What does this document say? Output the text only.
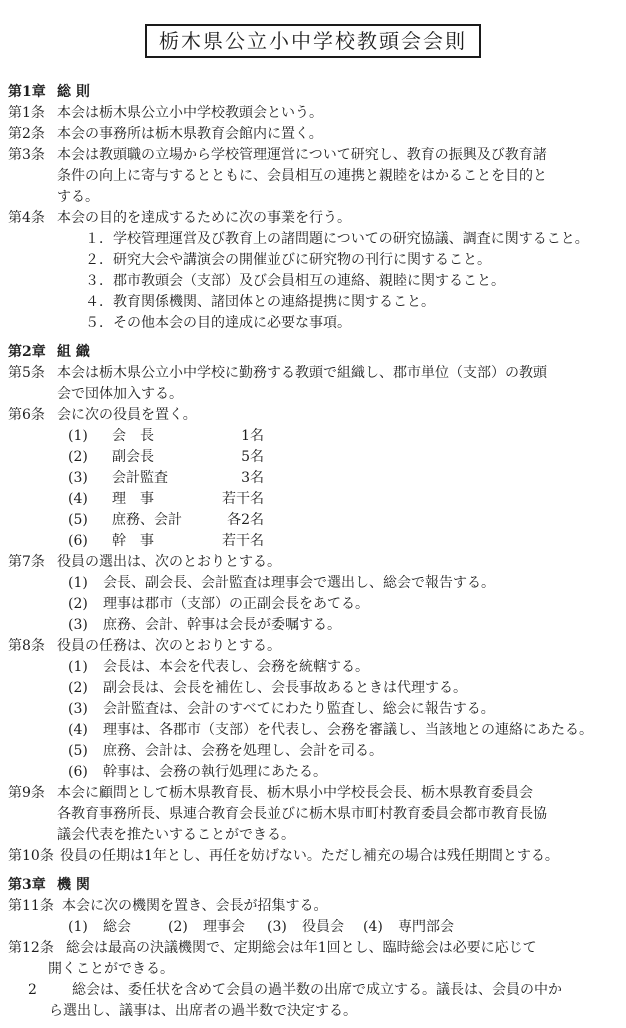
栃木県公立小中学校教頭会会則
第1章 総 則
第1条 本会は栃木県公立小中学校教頭会という。
第2条 本会の事務所は栃木県教育会館内に置く。
第3条 本会は教頭職の立場から学校管理運営について研究し、教育の振興及び教育諸
条件の向上に寄与するとともに、会員相互の連携と親睦をはかることを目的と
する。
第4条 本会の目的を達成するために次の事業を行う。
１．学校管理運営及び教育上の諸問題についての研究協議、調査に関すること。
２．研究大会や講演会の開催並びに研究物の刊行に関すること。
３．郡市教頭会（支部）及び会員相互の連絡、親睦に関すること。
４．教育関係機関、諸団体との連絡提携に関すること。
５．その他本会の目的達成に必要な事項。
第2章 組 織
第5条 本会は栃木県公立小中学校に勤務する教頭で組織し、郡市単位（支部）の教頭
会で団体加入する。
第6条 会に次の役員を置く。
(1) 会　長	1名
(2) 副会長	5名
(3) 会計監査	3名
(4) 理　事	若干名
(5) 庶務、会計	各2名
(6) 幹　事	若干名
第7条 役員の選出は、次のとおりとする。
(1) 会長、副会長、会計監査は理事会で選出し、総会で報告する。
(2) 理事は郡市（支部）の正副会長をあてる。
(3) 庶務、会計、幹事は会長が委嘱する。
第8条 役員の任務は、次のとおりとする。
(1) 会長は、本会を代表し、会務を統轄する。
(2) 副会長は、会長を補佐し、会長事故あるときは代理する。
(3) 会計監査は、会計のすべてにわたり監査し、総会に報告する。
(4) 理事は、各郡市（支部）を代表し、会務を審議し、当該地との連絡にあたる。
(5) 庶務、会計は、会務を処理し、会計を司る。
(6) 幹事は、会務の執行処理にあたる。
第9条 本会に顧問として栃木県教育長、栃木県小中学校長会長、栃木県教育委員会
各教育事務所長、県連合教育会長並びに栃木県市町村教育委員会都市教育長協
議会代表を推たいすることができる。
第10条 役員の任期は1年とし、再任を妨げない。ただし補充の場合は残任期間とする。
第3章 機 関
第11条 本会に次の機関を置き、会長が招集する。
(1) 総会	(2) 理事会 (3) 役員会 (4) 専門部会
第12条 総会は最高の決議機関で、定期総会は年1回とし、臨時総会は必要に応じて
開くことができる。
2	総会は、委任状を含めて会員の過半数の出席で成立する。議長は、会員の中か
ら選出し、議事は、出席者の過半数で決定する。
